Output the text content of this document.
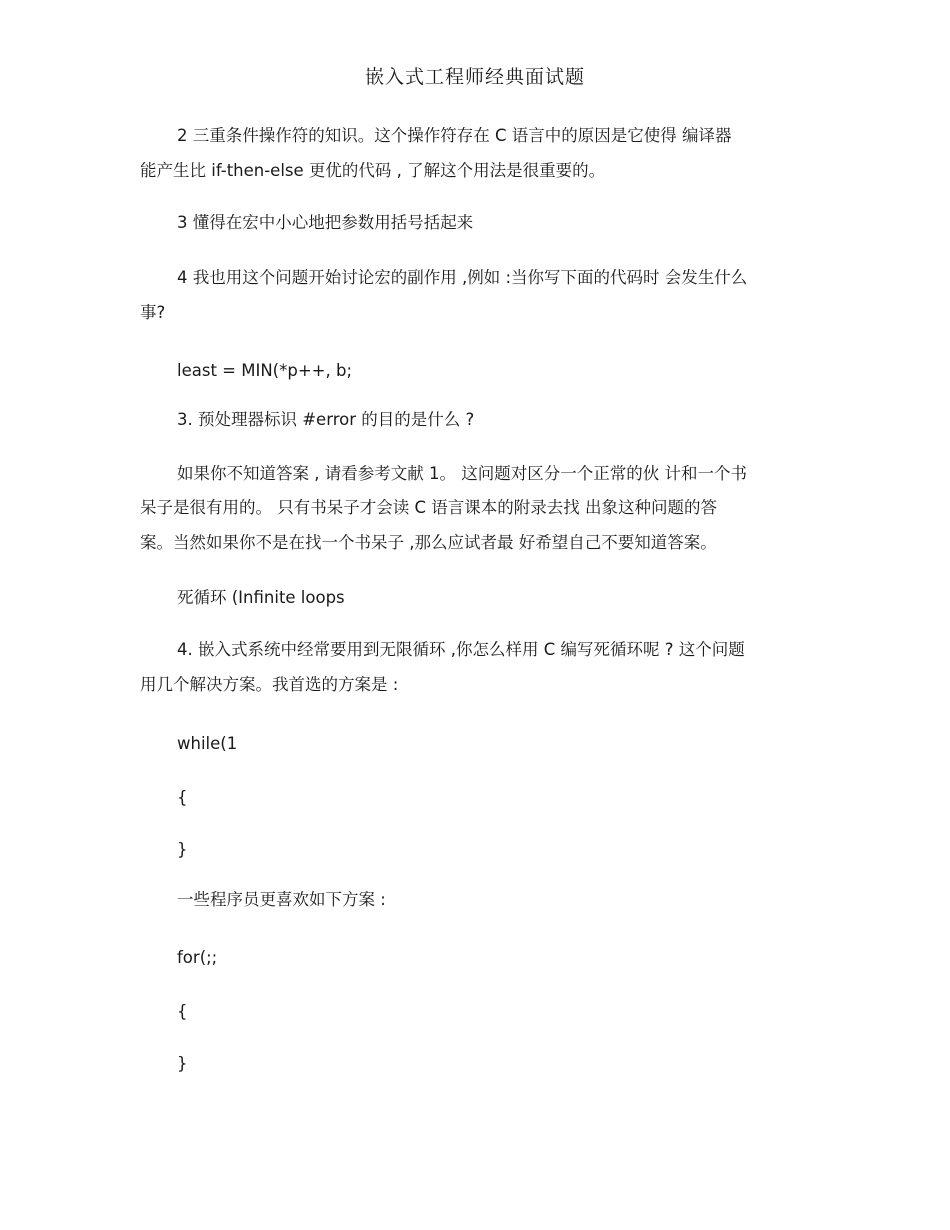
嵌入式工程师经典面试题
2 三重条件操作符的知识。这个操作符存在 C 语言中的原因是它使得 编译器
能产生比 if-then-else 更优的代码 , 了解这个用法是很重要的。
3 懂得在宏中小心地把参数用括号括起来
4 我也用这个问题开始讨论宏的副作用 ,例如 :当你写下面的代码时 会发生什么
事?
least = MIN(*p++, b;
3. 预处理器标识 #error 的目的是什么 ?
如果你不知道答案 , 请看参考文献 1。 这问题对区分一个正常的伙 计和一个书
呆子是很有用的。 只有书呆子才会读 C 语言课本的附录去找 出象这种问题的答
案。当然如果你不是在找一个书呆子 ,那么应试者最 好希望自己不要知道答案。
死循环 (Infinite loops
4. 嵌入式系统中经常要用到无限循环 ,你怎么样用 C 编写死循环呢 ? 这个问题
用几个解决方案。我首选的方案是 :
while(1
{
}
一些程序员更喜欢如下方案 :
for(;;
{
}
